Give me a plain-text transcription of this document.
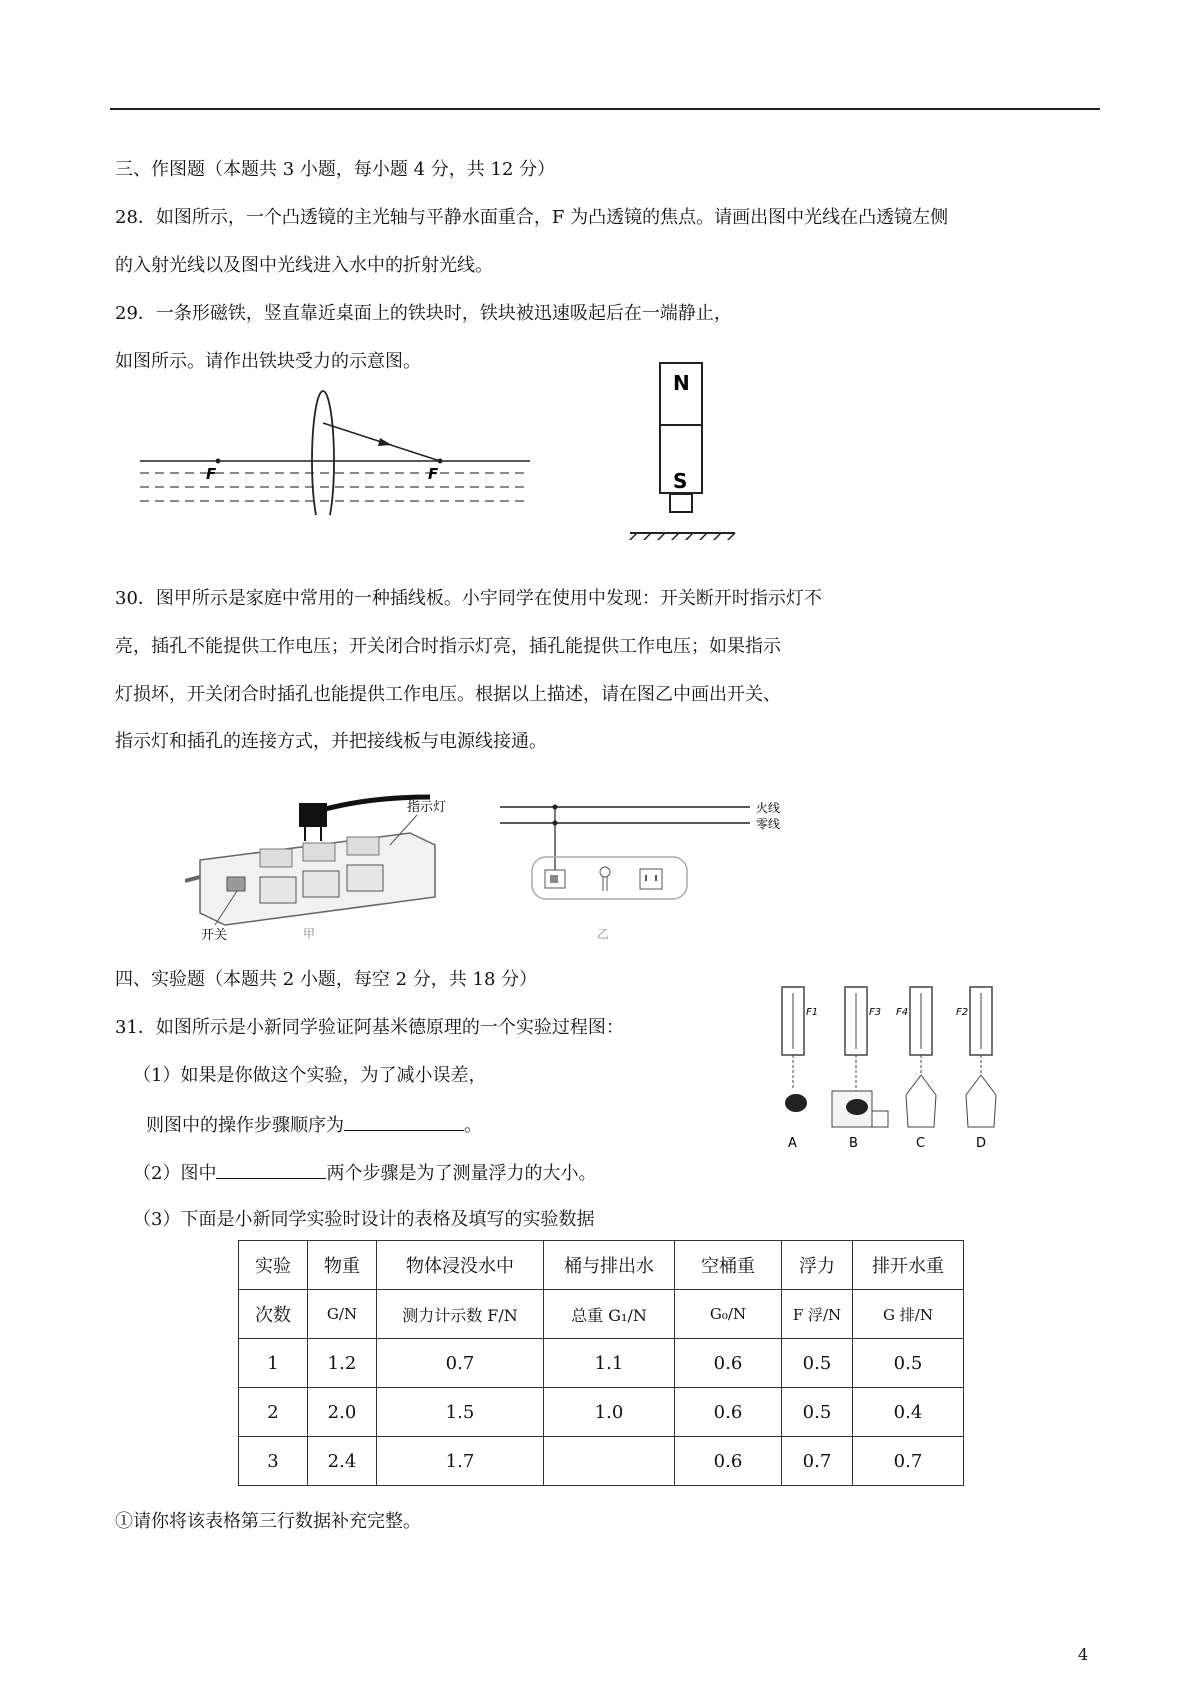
三、作图题（本题共 3 小题，每小题 4 分，共 12 分）
28．如图所示，一个凸透镜的主光轴与平静水面重合，F 为凸透镜的焦点。请画出图中光线在凸透镜左侧
的入射光线以及图中光线进入水中的折射光线。
29．一条形磁铁，竖直靠近桌面上的铁块时，铁块被迅速吸起后在一端静止，
如图所示。请作出铁块受力的示意图。
F	F
N
S
30．图甲所示是家庭中常用的一种插线板。小宇同学在使用中发现：开关断开时指示灯不
亮，插孔不能提供工作电压；开关闭合时指示灯亮，插孔能提供工作电压；如果指示
灯损坏，开关闭合时插孔也能提供工作电压。根据以上描述，请在图乙中画出开关、
指示灯和插孔的连接方式，并把接线板与电源线接通。
指示灯
开关	甲
火线
零线
乙
四、实验题（本题共 2 小题，每空 2 分，共 18 分）
31．如图所示是小新同学验证阿基米德原理的一个实验过程图：
（1）如果是你做这个实验，为了减小误差，
则图中的操作步骤顺序为	。
（2）图中	两个步骤是为了测量浮力的大小。
（3）下面是小新同学实验时设计的表格及填写的实验数据
F1
A
F3
B
F4
C
F2
D
实验	物重	物体浸没水中	桶与排出水	空桶重	浮力	排开水重
次数	G/N	测力计示数 F/N	总重 G₁/N	G₀/N	F 浮/N	G 排/N
1	1.2	0.7	1.1	0.6	0.5	0.5
2	2.0	1.5	1.0	0.6	0.5	0.4
3	2.4	1.7		0.6	0.7	0.7
①请你将该表格第三行数据补充完整。
4
